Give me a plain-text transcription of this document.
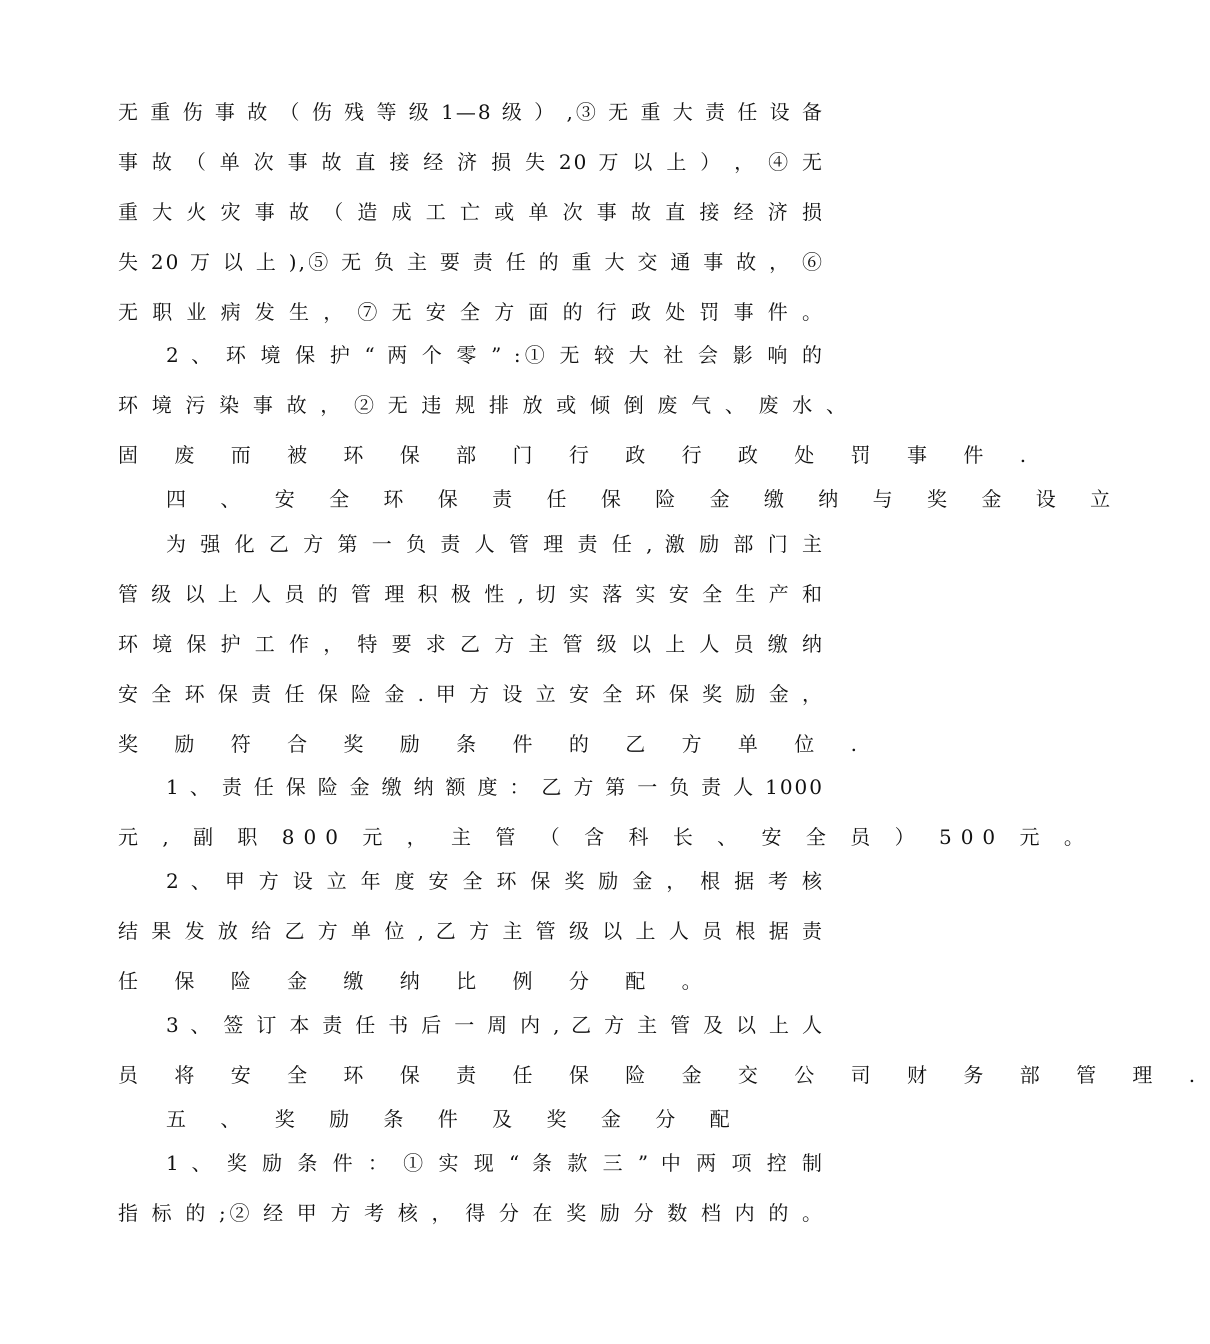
无 重 伤 事 故 （ 伤 残 等 级 1—8 级 ） ,③ 无 重 大 责 任 设 备
事 故 （ 单 次 事 故 直 接 经 济 损 失 20 万 以 上 ） ， ④ 无
重 大 火 灾 事 故 （ 造 成 工 亡 或 单 次 事 故 直 接 经 济 损
失 20 万 以 上 ),⑤ 无 负 主 要 责 任 的 重 大 交 通 事 故 ， ⑥
无 职 业 病 发 生 ， ⑦ 无 安 全 方 面 的 行 政 处 罚 事 件 。
2 、 环 境 保 护 “ 两 个 零 ” :① 无 较 大 社 会 影 响 的
环 境 污 染 事 故 ， ② 无 违 规 排 放 或 倾 倒 废 气 、 废 水 、
固 废 而 被 环 保 部 门 行 政 行 政 处 罚 事 件 .
四 、 安 全 环 保 责 任 保 险 金 缴 纳 与 奖 金 设 立
为 强 化 乙 方 第 一 负 责 人 管 理 责 任 , 激 励 部 门 主
管 级 以 上 人 员 的 管 理 积 极 性 , 切 实 落 实 安 全 生 产 和
环 境 保 护 工 作 ， 特 要 求 乙 方 主 管 级 以 上 人 员 缴 纳
安 全 环 保 责 任 保 险 金 . 甲 方 设 立 安 全 环 保 奖 励 金 ，
奖 励 符 合 奖 励 条 件 的 乙 方 单 位 .
1 、 责 任 保 险 金 缴 纳 额 度 ： 乙 方 第 一 负 责 人 1000
元 , 副 职 800 元 ， 主 管 （ 含 科 长 、 安 全 员 ） 500 元 。
2 、 甲 方 设 立 年 度 安 全 环 保 奖 励 金 ， 根 据 考 核
结 果 发 放 给 乙 方 单 位 , 乙 方 主 管 级 以 上 人 员 根 据 责
任 保 险 金 缴 纳 比 例 分 配 。
3 、 签 订 本 责 任 书 后 一 周 内 , 乙 方 主 管 及 以 上 人
员 将 安 全 环 保 责 任 保 险 金 交 公 司 财 务 部 管 理 .
五 、 奖 励 条 件 及 奖 金 分 配
1 、 奖 励 条 件 ： ① 实 现 “ 条 款 三 ” 中 两 项 控 制
指 标 的 ;② 经 甲 方 考 核 ， 得 分 在 奖 励 分 数 档 内 的 。
